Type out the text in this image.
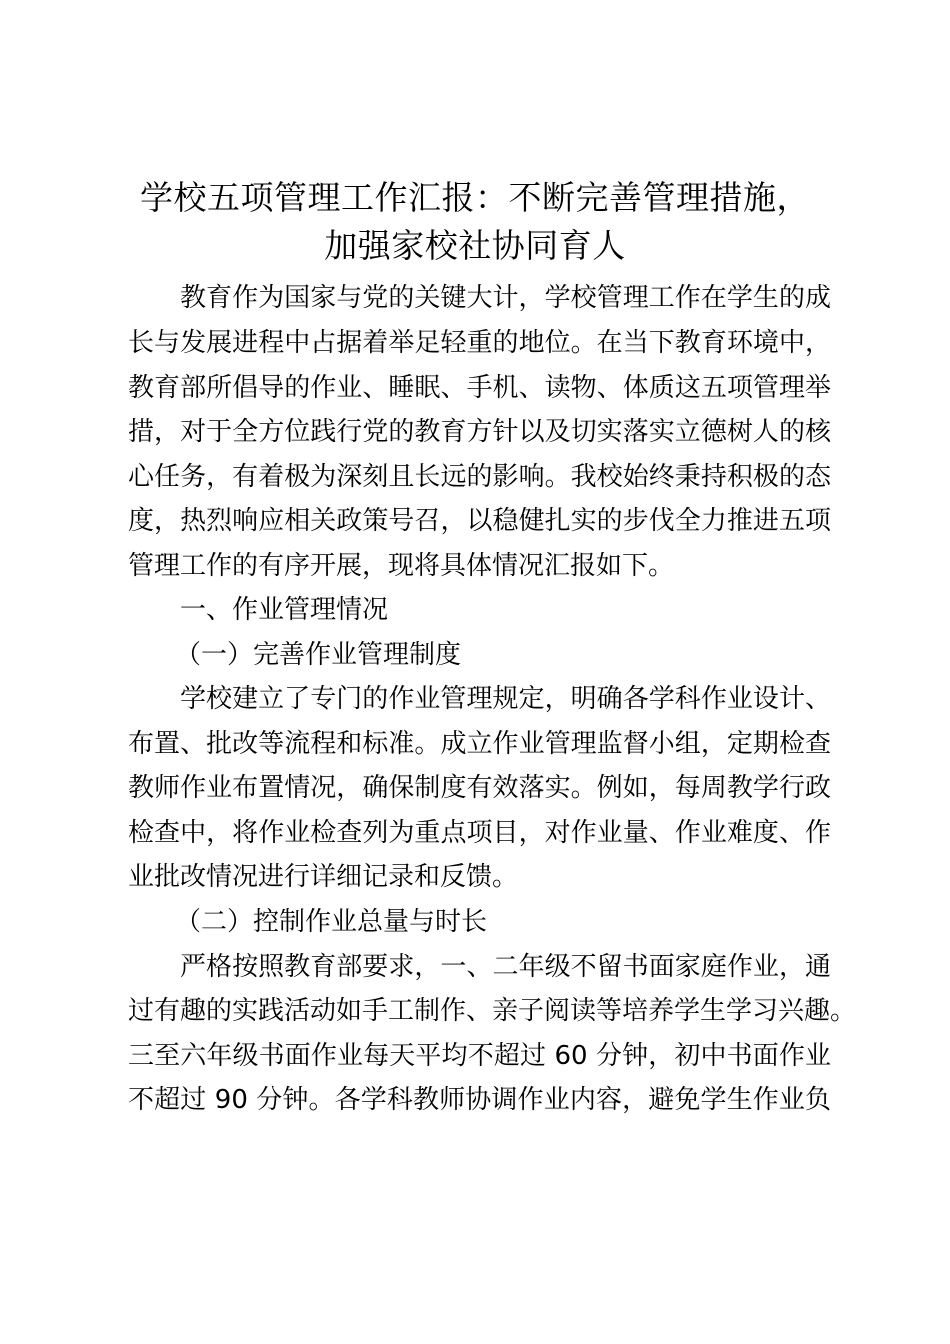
学校五项管理工作汇报：不断完善管理措施，
加强家校社协同育人
教育作为国家与党的关键大计，学校管理工作在学生的成
长与发展进程中占据着举足轻重的地位。在当下教育环境中，
教育部所倡导的作业、睡眠、手机、读物、体质这五项管理举
措，对于全方位践行党的教育方针以及切实落实立德树人的核
心任务，有着极为深刻且长远的影响。我校始终秉持积极的态
度，热烈响应相关政策号召，以稳健扎实的步伐全力推进五项
管理工作的有序开展，现将具体情况汇报如下。
一、作业管理情况
（一）完善作业管理制度
学校建立了专门的作业管理规定，明确各学科作业设计、
布置、批改等流程和标准。成立作业管理监督小组，定期检查
教师作业布置情况，确保制度有效落实。例如，每周教学行政
检查中，将作业检查列为重点项目，对作业量、作业难度、作
业批改情况进行详细记录和反馈。
（二）控制作业总量与时长
严格按照教育部要求，一、二年级不留书面家庭作业，通
过有趣的实践活动如手工制作、亲子阅读等培养学生学习兴趣。
三至六年级书面作业每天平均不超过 60 分钟，初中书面作业
不超过 90 分钟。各学科教师协调作业内容，避免学生作业负
